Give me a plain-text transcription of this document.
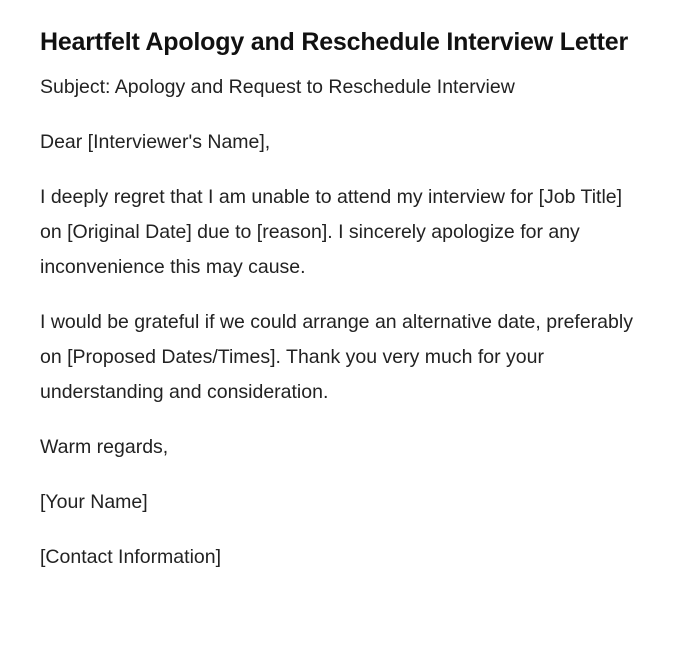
Heartfelt Apology and Reschedule Interview Letter

Subject: Apology and Request to Reschedule Interview

Dear [Interviewer's Name],

I deeply regret that I am unable to attend my interview for [Job Title] on [Original Date] due to [reason]. I sincerely apologize for any inconvenience this may cause.

I would be grateful if we could arrange an alternative date, preferably on [Proposed Dates/Times]. Thank you very much for your understanding and consideration.

Warm regards,

[Your Name]

[Contact Information]
